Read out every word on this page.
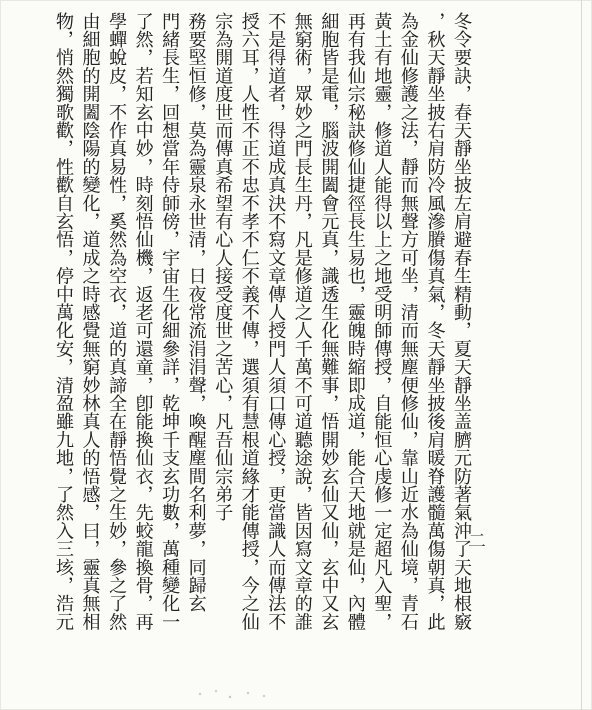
冬令要訣，春天靜坐披左肩避春生精動，夏天靜坐盖臍元防著氣沖了天地根竅
，秋天靜坐披右肩防冷風滲賸傷真氣，冬天靜坐披後肩暖脊護髓萬傷朝真，此
為金仙修護之法，靜而無聲方可坐，清而無塵便修仙，靠山近水為仙境，青石
黃土有地靈，修道人能得以上之地受明師傳授，自能恒心虔修一定超凡入聖，
再有我仙宗秘訣修仙捷徑長生易也，靈魄時縮即成道，能合天地就是仙，內體
細胞皆是電，腦波開闔會元真，識透生化無難事，悟開妙玄仙又仙，玄中又玄
無窮術，眾妙之門長生丹，凡是修道之人千萬不可道聽途說，皆因寫文章的誰
不是得道者，得道成真決不寫文章傳人授門人須口傳心授，更當識人而傳法不
授六耳，人性不正不忠不孝不仁不義不傳，選須有慧根道緣才能傳授，今之仙
宗為開道度世而傳真希望有心人接受度世之苦心，凡吾仙宗弟子
務要堅恒修，莫為靈泉永世清，日夜常流涓涓聲，喚醒塵間名利夢，同歸玄
門緒長生，回想當年侍師傍，宇宙生化細參詳，乾坤千支玄功數，萬種變化一
了然，若知玄中妙，時刻悟仙機，返老可還童，卽能換仙衣，先蛟龍換骨，再
學蟬蛻皮，不作真易性，奚然為空衣，道的真諦全在靜悟覺之生妙，參之了然
由細胞的開闔陰陽的變化，道成之時感覺無窮妙林真人的悟感，曰，靈真無相
物，悄然獨歌歡，性歡自玄悟，停中萬化安，清盈雖九地，了然入三垓，浩元	二
